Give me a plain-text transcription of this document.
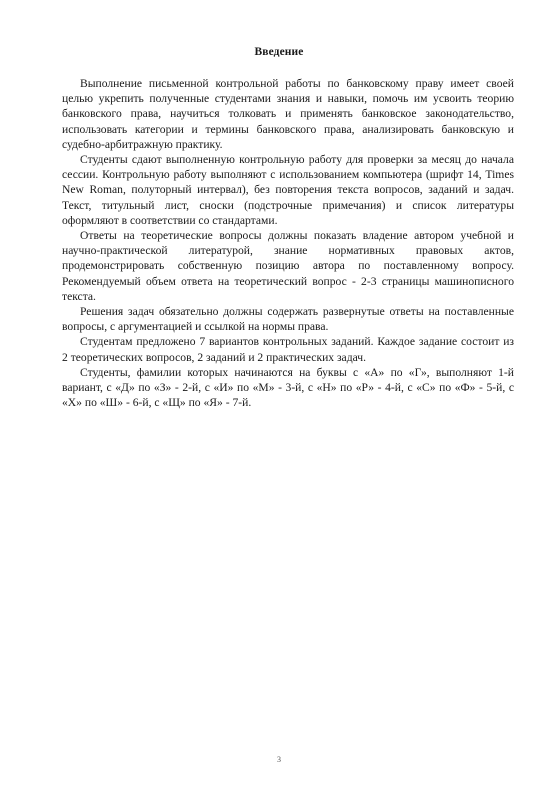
Введение

Выполнение письменной контрольной работы по банковскому праву имеет своей целью укрепить полученные студентами знания и навыки, помочь им усвоить теорию банковского права, научиться толковать и применять банковское законодательство, использовать категории и термины банковского права, анализировать банковскую и судебно-арбитражную практику.

Студенты сдают выполненную контрольную работу для проверки за месяц до начала сессии. Контрольную работу выполняют с использованием компьютера (шрифт 14, Times New Roman, полуторный интервал), без повторения текста вопросов, заданий и задач. Текст, титульный лист, сноски (подстрочные примечания) и список литературы оформляют в соответствии со стандартами.

Ответы на теоретические вопросы должны показать владение автором учебной и научно-практической литературой, знание нормативных правовых актов, продемонстрировать собственную позицию автора по поставленному вопросу. Рекомендуемый объем ответа на теоретический вопрос - 2-3 страницы машинописного текста.

Решения задач обязательно должны содержать развернутые ответы на поставленные вопросы, с аргументацией и ссылкой на нормы права.

Студентам предложено 7 вариантов контрольных заданий. Каждое задание состоит из 2 теоретических вопросов, 2 заданий и 2 практических задач.

Студенты, фамилии которых начинаются на буквы с «А» по «Г», выполняют 1-й вариант, с «Д» по «З» - 2-й, с «И» по «М» - 3-й, с «Н» по «Р» - 4-й, с «С» по «Ф» - 5-й, с «Х» по «Ш» - 6-й, с «Щ» по «Я» - 7-й.

3
